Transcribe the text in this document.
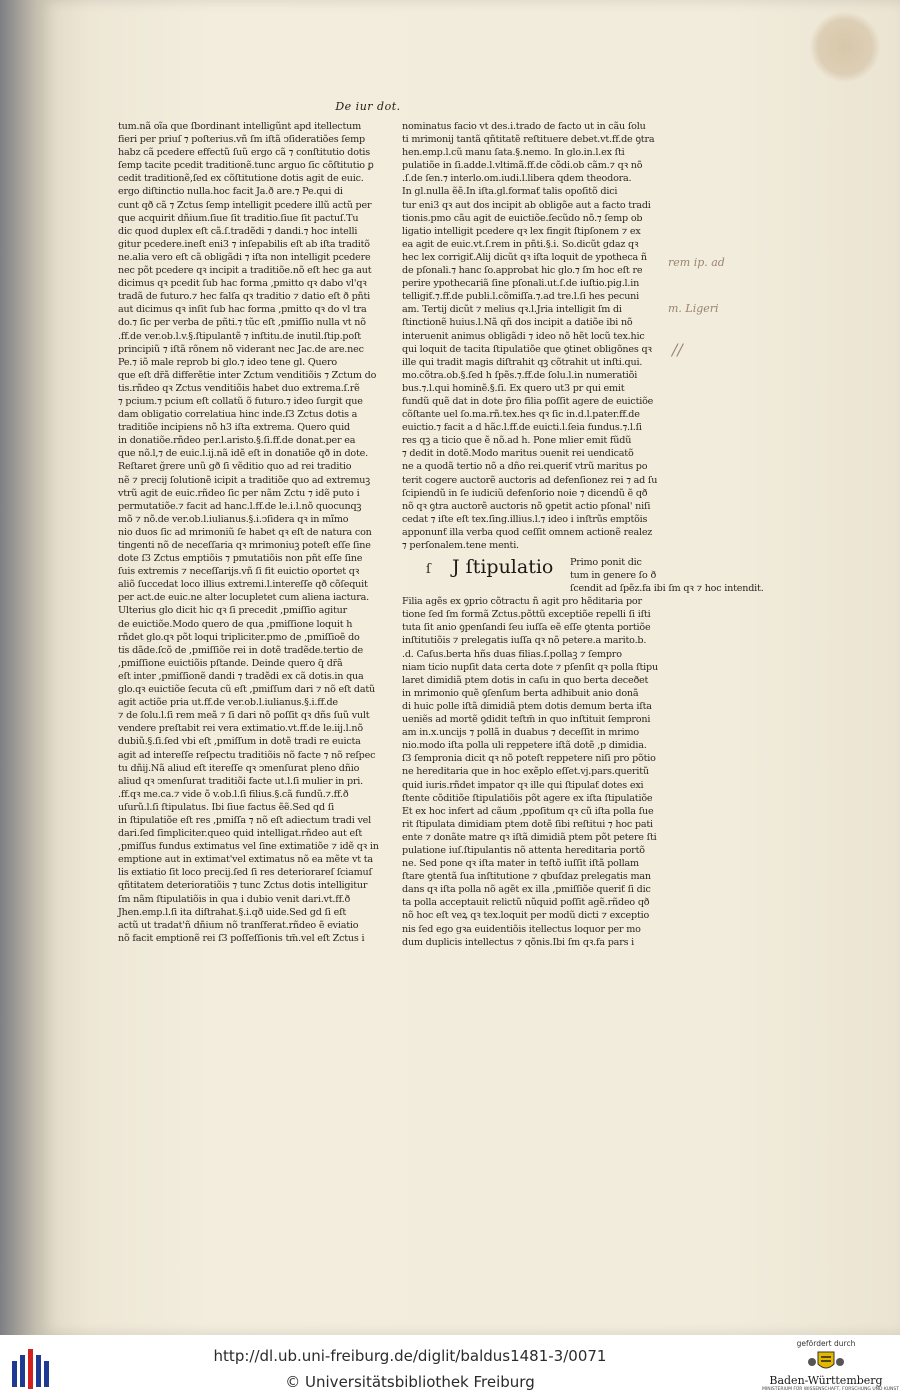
De iur dot.
tum.nã oĩa que ſbordinant intelligũnt apd itellectum
fieri per priuſ ⁊ poſterius.vñ ſm iſtã ↄſideratiões ſemp
habz cã pcedere effectũ ſuũ ergo cã ⁊ conſtitutio dotis
ſemp tacite pcedit traditionẽ.tunc arguo ſic cõſtitutio ꝑ
cedit traditionẽ,ſed ex cõſtitutione dotis agit de euic.
ergo diſtinctio nulla.hoc facit Ja.ð are.⁊ Pe.qui di
cunt qð cã ⁊ Zctus ſemp intelligit pcedere illũ actũ per
que acquirit dñium.ſiue ſit traditio.ſiue ſit pactuſ.Tu
dic quod duplex eſt cã.ſ.tradẽdi ⁊ dandi.⁊ hoc intelli
gitur pcedere.ineſt eni3 ⁊ inſepabilis eſt ab iſta traditõ
ne.alia vero eſt cã obligãdi ⁊ iſta non intelligit pcedere
nec põt pcedere qꝛ incipit a traditiõe.nõ eſt hec ga aut
dicimus qꝛ pcedit ſub hac forma ,pmitto qꝛ dabo vl'qꝛ
tradã de futuro.⁊ hec falſa qꝛ traditio ⁊ datio eſt ð pñti
aut dicimus qꝛ inſit ſub hac forma ,pmitto qꝛ do vl tra
do.⁊ ſic per verba de pñti.⁊ tũc eſt ,pmiſſio nulla vt nõ
.ff.de ver.ob.l.v.§.ſtipulantẽ ⁊ inſtitu.de inutil.ſtip.poſt
principiũ ⁊ iſtã rõnem nõ viderant nec Jac.de are.nec
Pe.⁊ iõ male reprob bi glo.⁊ ideo tene gl. Quero
que eſt dr̃ã differẽtie inter Zctum venditiõis ⁊ Zctum do
tis.rñdeo qꝛ Zctus venditiõis habet duo extrema.ſ.rẽ
⁊ pcium.⁊ pcium eſt collatũ õ futuro.⁊ ideo ſurgit que
dam obligatio correlatiua hinc inde.ſ3 Zctus dotis a
traditiõe incipiens nõ h3 iſta extrema. Quero quid
in donatiõe.rñdeo per.l.aristo.§.ſi.ff.de donat.per ea
que nõ.l,⁊ de euic.l.ij.nã idẽ eſt in donatiõe qð in dote.
Reſtaret ğrere unũ gð ſi vẽditio quo ad rei traditio
nẽ ⁊ precij ſolutionẽ icipit a traditiõe quo ad extremuꝫ
vtrũ agit de euic.rñdeo ſic per nãm Zctu ⁊ idẽ puto i
permutatiõe.⁊ facit ad hanc.l.ff.de le.i.l.nõ quocunqꝫ
mõ ⁊ nõ.de ver.ob.l.iulianus.§.i.ↄſidera qꝛ in mĩmo
nio duos ſic ad mrimoniũ ſe habet qꝛ eſt de natura con
tingenti nõ de neceſſaria qꝛ mrimoniuꝫ poteſt eſſe ſine
dote ſ3 Zctus emptiõis ⁊ pmutatiõis non pñt eſſe ſine
ſuis extremis ⁊ neceſſarijs.vñ ſi fit euictio oportet qꝛ
aliõ ſuccedat loco illius extremi.l.intereſſe qð cõſequit
per act.de euic.ne alter locupletet cum aliena iactura.
Ulterius glo dicit hic qꝛ ſi precedit ,pmiſſio agitur
de euictiõe.Modo quero de qua ,pmiſſione loquit h
rñdet glo.qꝛ põt loqui tripliciter.pmo de ,pmiſſioẽ do
tis dãde.ſcõ de ,pmiſſiõe rei in dotẽ tradẽde.tertio de
,pmiſſione euictiõis pſtande. Deinde quero q̃ dr̃ã
eſt inter ,pmiſſionẽ dandi ⁊ tradẽdi ex cã dotis.in qua
glo.qꝛ euictiõe ſecuta cũ eſt ,pmiſſum dari ⁊ nõ eſt datũ
agit actiõe pria ut.ff.de ver.ob.l.iulianus.§.i.ff.de
⁊ de ſolu.l.ſi rem meã ⁊ ſi dari nõ poſſit qꝛ dñs ſuũ vult
vendere preſtabit rei vera extimatio.vt.ff.de le.iij.l.nõ
dubiũ.§.ſi.ſed vbi eſt ,pmiſſum in dotẽ tradi re euicta
agit ad intereſſe reſpectu traditiõis nõ facte ⁊ nõ reſpec
tu dñij.Nã aliud eſt itereſſe qꝛ ↄmenſurat pleno dñio
aliud qꝛ ↄmenſurat traditiõi facte ut.l.ſi mulier in pri.
.ff.qꝛ me.ca.⁊ vide õ v.ob.l.ſi filius.§.cã fundũ.⁊.ff.ð
uſurũ.l.ſi ſtipulatus. Ibi ſiue factus ẽẽ.Sed qd ſi
in ſtipulatiõe eſt res ,pmiſſa ⁊ nõ eſt adiectum tradi vel
dari.ſed ſimpliciter.queo quid intelligat.rñdeo aut eſt
,pmiſſus fundus extimatus vel ſine extimatiõe ⁊ idẽ qꝛ in
emptione aut in extimat'vel extimatus nõ ea mẽte vt ta
lis extiatio ſit loco precij.ſed ſi res deteriorareſ ſciamuſ
qñtitatem deterioratiõis ⁊ tunc Zctus dotis intelligitur
ſm nãm ſtipulatiõis in qua i dubio venit dari.vt.ff.ð
Jhen.emp.l.ſi ita diſtrahat.§.i.qð uide.Sed gd ſi eſt
actũ ut tradat'ñ dñium nõ tranſferat.rñdeo ẽ eviatio
nõ facit emptionẽ rei ſ3 poſſeſſionis tm̃.vel eſt Zctus i
nominatus facio vt des.i.trado de facto ut in cãu ſolu
ti mrimonij tantã qñtitatẽ reſtituere debet.vt.ff.de ꝯtra
hen.emp.l.cũ manu ſata.§.nemo. In glo.in.l.ex ſti
pulatiõe in ſi.adde.l.vltimã.ff.de cõdi.ob cãm.⁊ qꝛ nõ
.ſ.de ſen.⁊ interlo.om.iudi.l.libera qdem theodora.
In gl.nulla ẽẽ.In iſta.gl.formaƭ talis opoſitõ dici
tur eni3 qꝛ aut dos incipit ab obligõe aut a facto tradi
tionis.pmo cãu agit de euictiõe.ſecũdo nõ.⁊ ſemp ob
ligatio intelligit pcedere qꝛ lex fingit ſtipſonem ⁊ ex
ea agit de euic.vt.ſ.rem in pñti.§.i. So.dicũt gdaz qꝛ
hec lex corrigiƭ.Alij dicũt qꝛ iſta loquit de ypotheca ñ
de pſonali.⁊ hanc ſo.approbat hic glo.⁊ ſm hoc eſt re
perire ypothecariã ſine pſonali.ut.ſ.de iuſtio.pig.l.in
telligiƭ.⁊.ff.de publi.l.cõmiſſa.⁊.ad tre.l.ſi hes pecuni
am. Tertij dicũt ⁊ melius qꝛ.l.Jria intelligit ſm di
ſtinctionẽ huius.l.Nã qñ dos incipit a datiõe ibi nõ
interuenit animus obligãdi ⁊ ideo nõ hẽt locũ tex.hic
qui loquit de tacita ſtipulatiõe que ꝯtinet obligõnes qꝛ
ille qui tradit magis diſtrahit qꝫ cõtrahit ut inſti.qui.
mo.cõtra.ob.§.ſed h ſpẽs.⁊.ff.de ſolu.l.in numeratiõi
bus.⁊.l.qui hominẽ.§.ſi. Ex quero ut3 pr qui emit
fundũ quẽ dat in dote p̄ro filia poſſit agere de euictiõe
cõſtante uel ſo.ma.rñ.tex.hes qꝛ ſic in.d.l.pater.ff.de
euictio.⁊ facit a d hãc.l.ff.de euicti.l.ſeia fundus.⁊.l.ſi
res qꝫ a ticio que ẽ nõ.ad h. Pone mlier emit fũdũ
⁊ dedit in dotẽ.Modo maritus ↄuenit rei uendicatõ
ne a quodã tertio nõ a dño rei.queriƭ vtrũ maritus po
terit cogere auctorẽ auctoris ad defenſionez rei ⁊ ad ſu
ſcipiendũ in ſe iudiciũ defenſorio noie ⁊ dicendũ ẽ qð
nõ qꝛ ꝯtra auctorẽ auctoris nõ ꝯpetit actio pſonal' niſi
cedat ⁊ iſte eſt tex.ſing.illius.l.⁊ ideo i inſtrũs emptõis
apponunƭ illa verba quod ceſſit omnem actionẽ realez
⁊ perſonalem.tene menti.
ſ J ſtipulatio Primo ponit dic
tum in genere ſo ð
ſcendit ad ſpẽz.fa ibi ſm qꝛ ⁊ hoc intendit.
Filia agẽs ex ꝯprio cõtractu ñ agit pro hẽditaria por
tione ſed ſm formã Zctus.põttũ exceptiõe repelli ſi iſti
tuta ſit anio ꝯpenſandi ſeu iuſſa eẽ eſſe ꝯtenta portiõe
inſtitutiõis ⁊ prelegatis iuſſa qꝛ nõ petere.a marito.b.
.d. Caſus.berta hñs duas filias.ſ.pollaꝫ ⁊ ſempro
niam ticio nupſit data certa dote ⁊ pſenſit qꝛ polla ſtipu
laret dimidiã ptem dotis in caſu in quo berta deceðet
in mrimonio quẽ ꝯſenſum berta adhibuit anio donã
di huic polle iſtã dimidiã ptem dotis demum berta iſta
ueniẽs ad mortẽ ꝯdidit teſtm̃ in quo inſtituit ſemproni
am in.x.uncijs ⁊ pollã in duabus ⁊ deceſſit in mrimo
nio.modo iſta polla uli reppetere iſtã dotẽ ,p dimidia.
ſ3 ſempronia dicit qꝛ nõ poteſt reppetere niſi pro põtio
ne hereditaria que in hoc exẽplo eſſet.vj.pars.queritũ
quid iuris.rñdet impator qꝛ ille qui ſtipulaƭ dotes exi
ſtente cõditiõe ſtipulatiõis põt agere ex iſta ſtipulatiõe
Et ex hoc infert ad cãum ,ppoſitum qꝛ cũ iſta polla ſue
rit ſtipulata dimidiam ptem dotẽ ſibi reſtitui ⁊ hoc pati
ente ⁊ donãte matre qꝛ iſtã dimidiã ptem põt petere ſti
pulatione iuſ.ſtipulantis nõ attenta hereditaria portõ
ne. Sed pone qꝛ iſta mater in teſtõ iuſſit iſtã pollam
ſtare ꝯtentã ſua inſtitutione ⁊ qbuſdaz prelegatis man
dans qꝛ iſta polla nõ agẽt ex illa ,pmiſſiõe queriƭ ſi dic
ta polla acceptauit relictũ nũquid poſſit agẽ.rñdeo qð
nõ hoc eſt veꝝ qꝛ tex.loquit per modũ dicti ⁊ exceptio
nis ſed ego gꝛa euidentiõis itellectus loquor per mo
dum duplicis intellectus ⁊ qõnis.Ibi ſm qꝛ.fa pars i
rem ip. ad
m. Ligeri
//
http://dl.ub.uni-freiburg.de/diglit/baldus1481-3/0071
© Universitätsbibliothek Freiburg
gefördert durch
Baden-Württemberg
MINISTERIUM FÜR WISSENSCHAFT, FORSCHUNG UND KUNST
